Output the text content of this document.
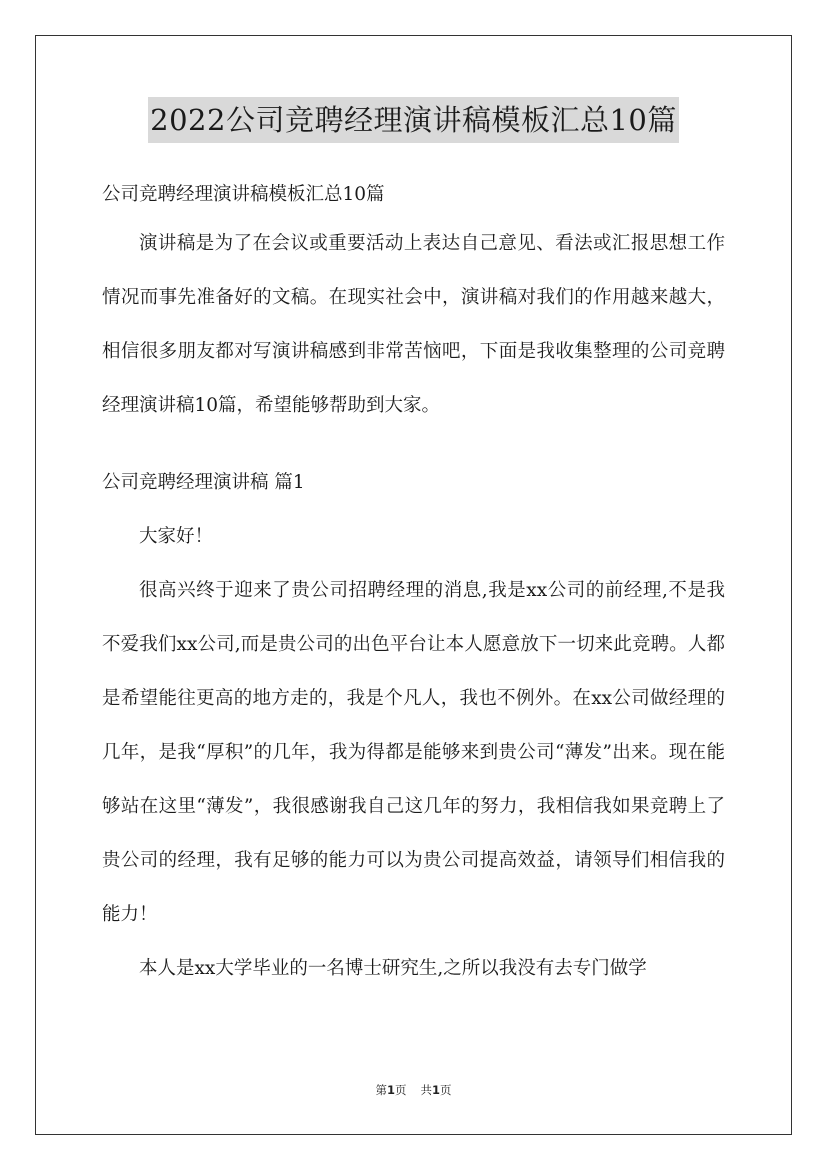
2022公司竞聘经理演讲稿模板汇总10篇
公司竞聘经理演讲稿模板汇总10篇

演讲稿是为了在会议或重要活动上表达自己意见、看法或汇报思想工作情况而事先准备好的文稿。在现实社会中，演讲稿对我们的作用越来越大，相信很多朋友都对写演讲稿感到非常苦恼吧，下面是我收集整理的公司竞聘经理演讲稿10篇，希望能够帮助到大家。

公司竞聘经理演讲稿 篇1
大家好！

很高兴终于迎来了贵公司招聘经理的消息,我是xx公司的前经理,不是我不爱我们xx公司,而是贵公司的出色平台让本人愿意放下一切来此竞聘。人都是希望能往更高的地方走的，我是个凡人，我也不例外。在xx公司做经理的几年，是我“厚积”的几年，我为得都是能够来到贵公司“薄发”出来。现在能够站在这里“薄发”，我很感谢我自己这几年的努力，我相信我如果竞聘上了贵公司的经理，我有足够的能力可以为贵公司提高效益，请领导们相信我的能力！

本人是xx大学毕业的一名博士研究生,之所以我没有去专门做学

第1页 共1页
